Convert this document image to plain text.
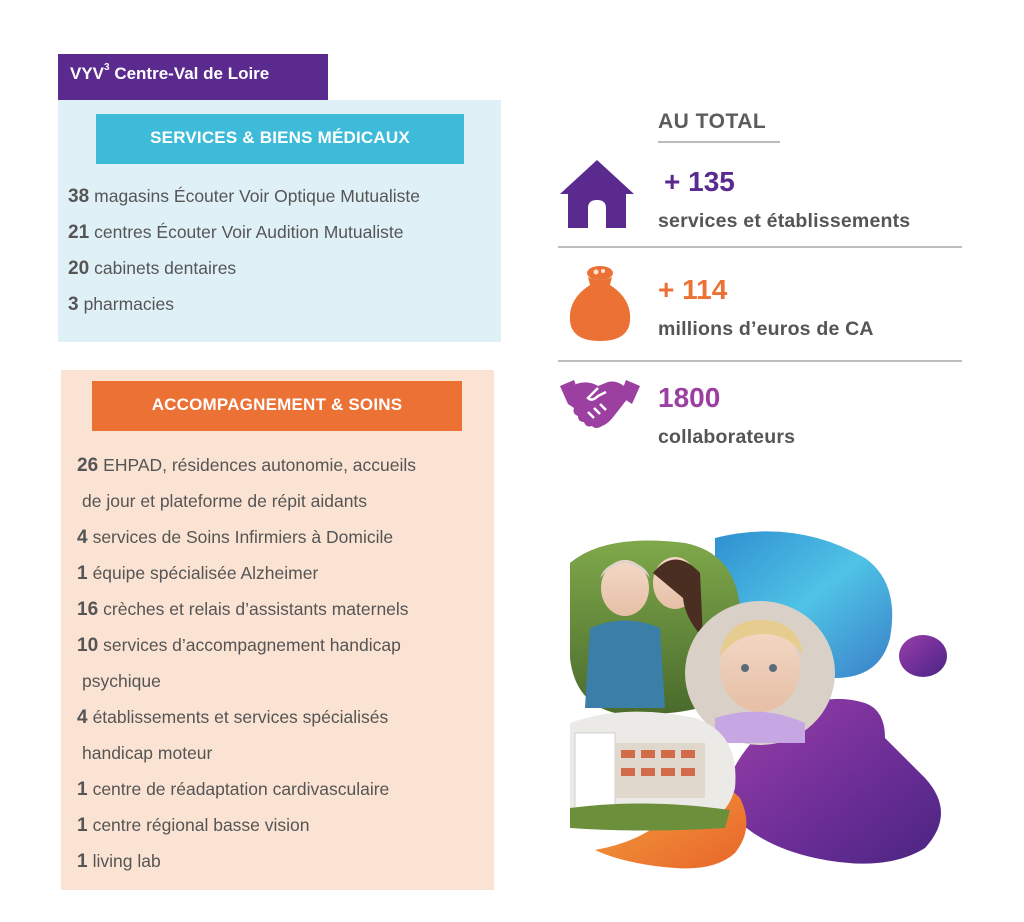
VYV$^3$ Centre-Val de Loire
SERVICES & BIENS MÉDICAUX
38 magasins Écouter Voir Optique Mutualiste
21 centres Écouter Voir Audition Mutualiste
20 cabinets dentaires
3 pharmacies
ACCOMPAGNEMENT & SOINS
26 EHPAD, résidences autonomie, accueils
de jour et plateforme de répit aidants
4 services de Soins Infirmiers à Domicile
1 équipe spécialisée Alzheimer
16 crèches et relais d’assistants maternels
10 services d’accompagnement handicap
psychique
4 établissements et services spécialisés
handicap moteur
1 centre de réadaptation cardivasculaire
1 centre régional basse vision
1 living lab
AU TOTAL
+ 135
services et établissements
+ 114
millions d’euros de CA
1800
collaborateurs
